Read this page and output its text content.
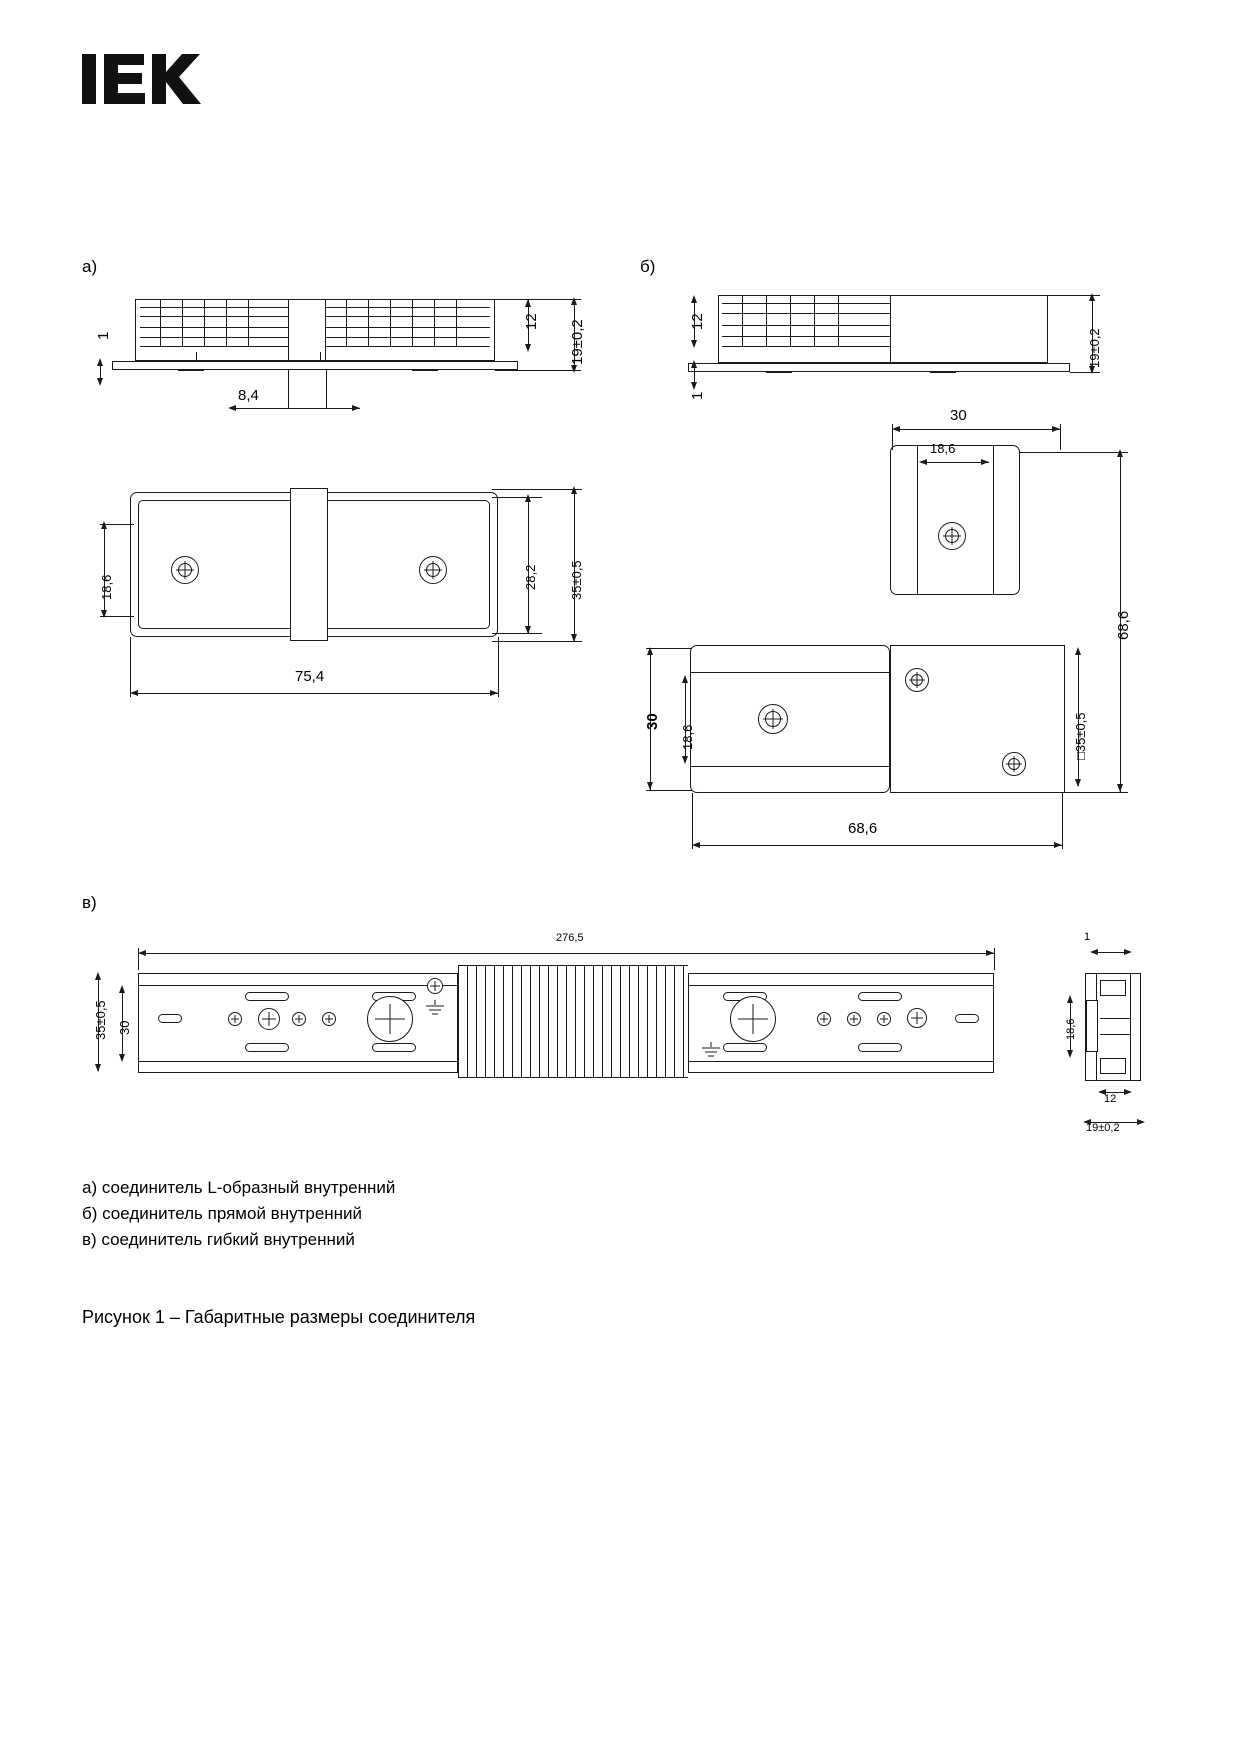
а)
1
12 19±0,2
8,4
18,6	28,2 35±0,5
75,4
б)
12
1
19±0,2
30
18,6
68,6
□35±0,5
30
18,6
68,6
в)
276,5
35±0,5 30
1
18,6
12
19±0,2
а) соединитель L-образный внутренний
б) соединитель прямой внутренний
в) соединитель гибкий внутренний
Рисунок 1 – Габаритные размеры соединителя
